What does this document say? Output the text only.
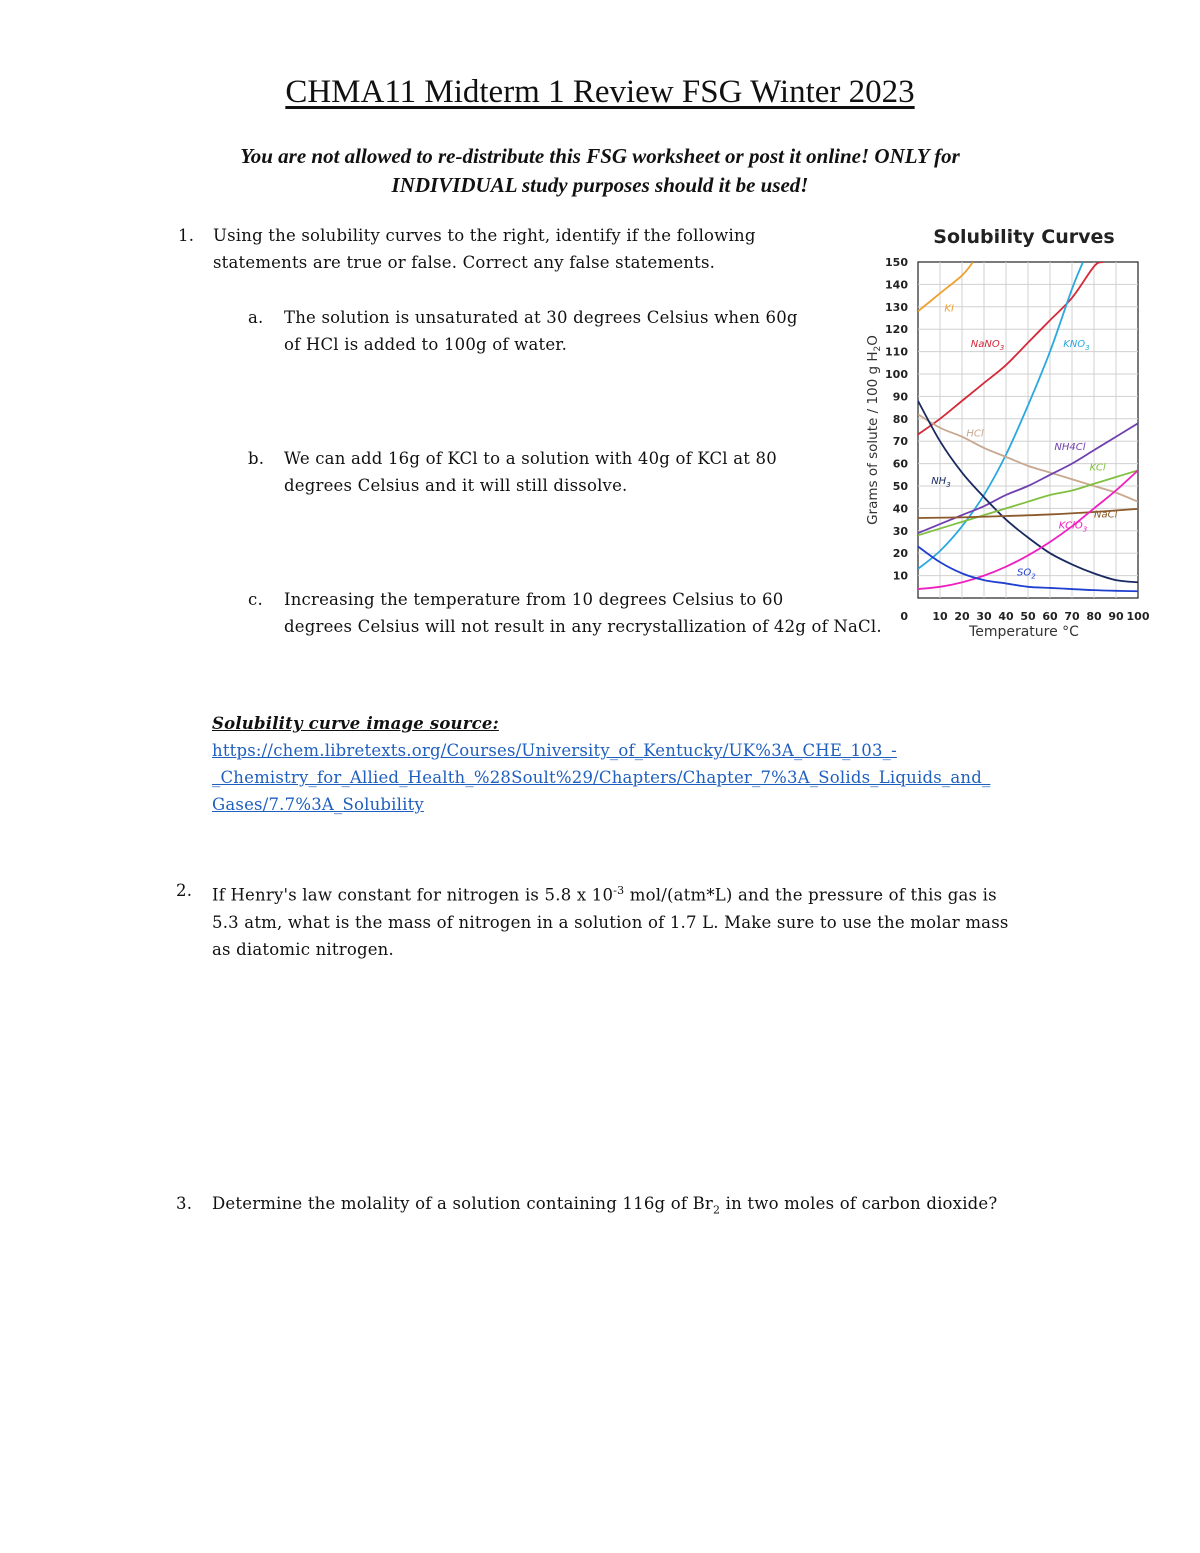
CHMA11 Midterm 1 Review FSG Winter 2023
You are not allowed to re-distribute this FSG worksheet or post it online! ONLY for
INDIVIDUAL study purposes should it be used!
1. Using the solubility curves to the right, identify if the following
statements are true or false. Correct any false statements.
a. The solution is unsaturated at 30 degrees Celsius when 60g
of HCl is added to 100g of water.
b. We can add 16g of KCl to a solution with 40g of KCl at 80
degrees Celsius and it will still dissolve.
c. Increasing the temperature from 10 degrees Celsius to 60
degrees Celsius will not result in any recrystallization of 42g of NaCl.
Solubility Curves
10
20
30
40
50
60
70
80
90
100
110
120
130
140
150
0 10 20 30 40 50 60 70 80 90 100
KI
NaNO$_3$	$KNO_3$
HCl
NH4Cl
$NH_3$
KCl
NaCl
KClO$_3$
$SO_2$
Temperature °C
Grams of solute / 100 g $H_2O$
Solubility curve image source:
https://chem.libretexts.org/Courses/University_of_Kentucky/UK%3A_CHE_103_-
_Chemistry_for_Allied_Health_%28Soult%29/Chapters/Chapter_7%3A_Solids_Liquids_and_
Gases/7.7%3A_Solubility
2. If Henry's law constant for nitrogen is 5.8 x $10^{-3}$ mol/(atm*L) and the pressure of this gas is
5.3 atm, what is the mass of nitrogen in a solution of 1.7 L. Make sure to use the molar mass
as diatomic nitrogen.
3. Determine the molality of a solution containing 116g of $Br_2$ in two moles of carbon dioxide?
